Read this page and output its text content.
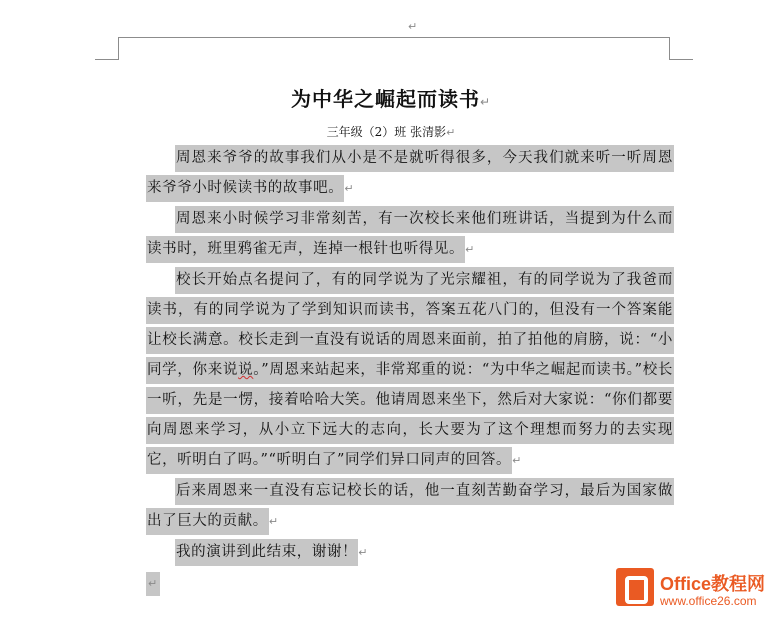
↵
为中华之崛起而读书↵
三年级（2）班 张清影↵

周恩来爷爷的故事我们从小是不是就听得很多，今天我们就来听一听周恩来爷爷小时候读书的故事吧。↵

周恩来小时候学习非常刻苦，有一次校长来他们班讲话，当提到为什么而读书时，班里鸦雀无声，连掉一根针也听得见。↵

校长开始点名提问了，有的同学说为了光宗耀祖，有的同学说为了我爸而读书，有的同学说为了学到知识而读书，答案五花八门的，但没有一个答案能让校长满意。校长走到一直没有说话的周恩来面前，拍了拍他的肩膀，说：“小同学，你来说说。”周恩来站起来，非常郑重的说：“为中华之崛起而读书。”校长一听，先是一愣，接着哈哈大笑。他请周恩来坐下，然后对大家说：“你们都要向周恩来学习，从小立下远大的志向，长大要为了这个理想而努力的去实现它，听明白了吗。”“听明白了”同学们异口同声的回答。↵

后来周恩来一直没有忘记校长的话，他一直刻苦勤奋学习，最后为国家做出了巨大的贡献。↵

我的演讲到此结束，谢谢！↵

↵	Office教程网
www.office26.com
